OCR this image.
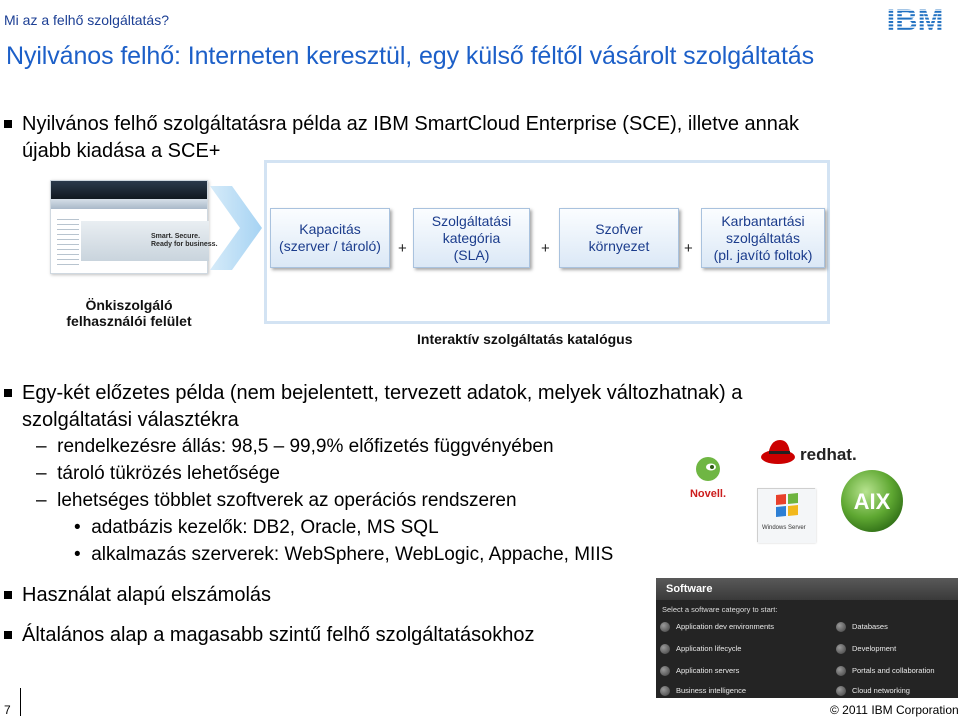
Mi az a felhő szolgáltatás?	IBM
Nyilvános felhő: Interneten keresztül, egy külső féltől vásárolt szolgáltatás
Nyilvános felhő szolgáltatásra példa az IBM SmartCloud Enterprise (SCE), illetve annak
újabb kiadása a SCE+
Smart. Secure.
Ready for business.
Kapacitás
(szerver / tároló) +
Szolgáltatási
kategória
(SLA)	+
Szofver
környezet +
Karbantartási
szolgáltatás
(pl. javító foltok)
Önkiszolgáló felhasználói felület
Interaktív szolgáltatás katalógus
Egy-két előzetes példa (nem bejelentett, tervezett adatok, melyek változhatnak) a
szolgáltatási választékra
–  rendelkezésre állás: 98,5 – 99,9% előfizetés függvényében
–  tároló tükrözés lehetősége
–  lehetséges többlet szoftverek az operációs rendszeren
•  adatbázis kezelők: DB2, Oracle, MS SQL
•  alkalmazás szerverek: WebSphere, WebLogic, Appache, MIIS
Használat alapú elszámolás
Általános alap a magasabb szintű felhő szolgáltatásokhoz
redhat.
Novell.
Windows Server
AIX
Software
Select a software category to start:
Application dev environments	Databases
Application lifecycle	Development
Application servers	Portals and collaboration
Business intelligence	Cloud networking
7	© 2011 IBM Corporation
